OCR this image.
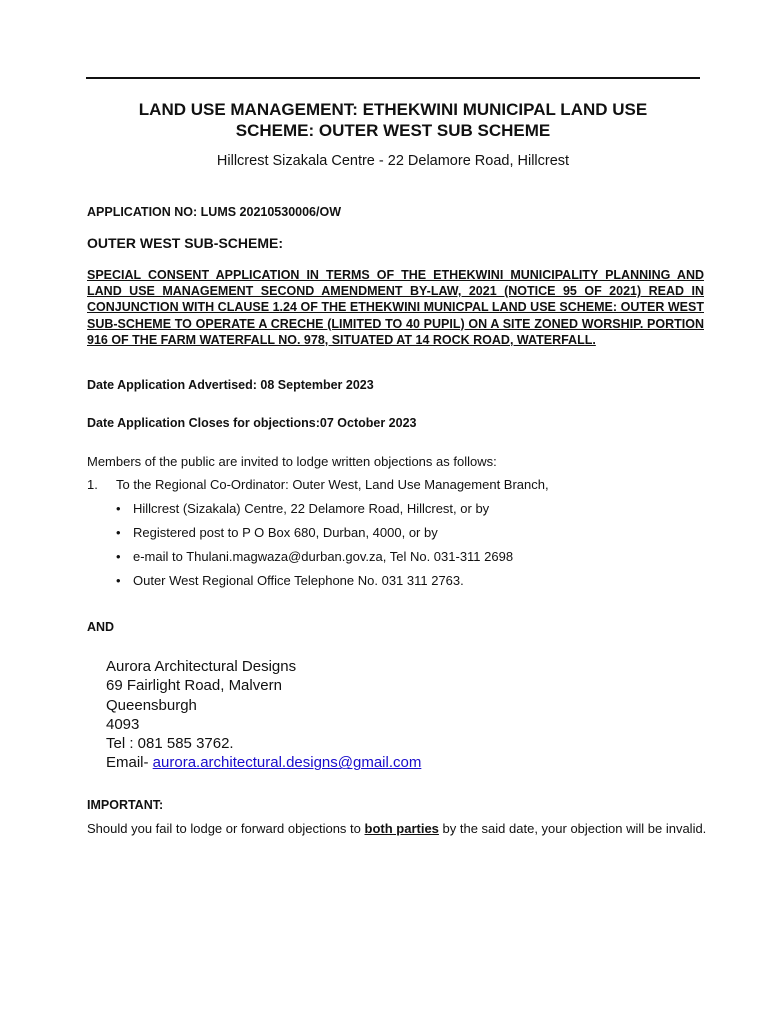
LAND USE MANAGEMENT: ETHEKWINI MUNICIPAL LAND USE
SCHEME: OUTER WEST SUB SCHEME
Hillcrest Sizakala Centre - 22 Delamore Road, Hillcrest
APPLICATION NO: LUMS 20210530006/OW
OUTER WEST SUB-SCHEME:
SPECIAL CONSENT APPLICATION IN TERMS OF THE ETHEKWINI MUNICIPALITY PLANNING AND LAND USE MANAGEMENT SECOND AMENDMENT BY-LAW, 2021 (NOTICE 95 OF 2021) READ IN CONJUNCTION WITH CLAUSE 1.24 OF THE ETHEKWINI MUNICPAL LAND USE SCHEME: OUTER WEST SUB-SCHEME TO OPERATE A CRECHE (LIMITED TO 40 PUPIL) ON A SITE ZONED WORSHIP. PORTION 916 OF THE FARM WATERFALL NO. 978, SITUATED AT 14 ROCK ROAD, WATERFALL.
Date Application Advertised: 08 September 2023
Date Application Closes for objections:07 October 2023
Members of the public are invited to lodge written objections as follows:
1. To the Regional Co-Ordinator: Outer West, Land Use Management Branch,
• Hillcrest (Sizakala) Centre, 22 Delamore Road, Hillcrest, or by
• Registered post to P O Box 680, Durban, 4000, or by
• e-mail to Thulani.magwaza@durban.gov.za, Tel No. 031-311 2698
• Outer West Regional Office Telephone No. 031 311 2763.
AND
Aurora Architectural Designs
69 Fairlight Road, Malvern
Queensburgh
4093
Tel : 081 585 3762.
Email- aurora.architectural.designs@gmail.com
IMPORTANT:
Should you fail to lodge or forward objections to both parties by the said date, your objection will be invalid.
